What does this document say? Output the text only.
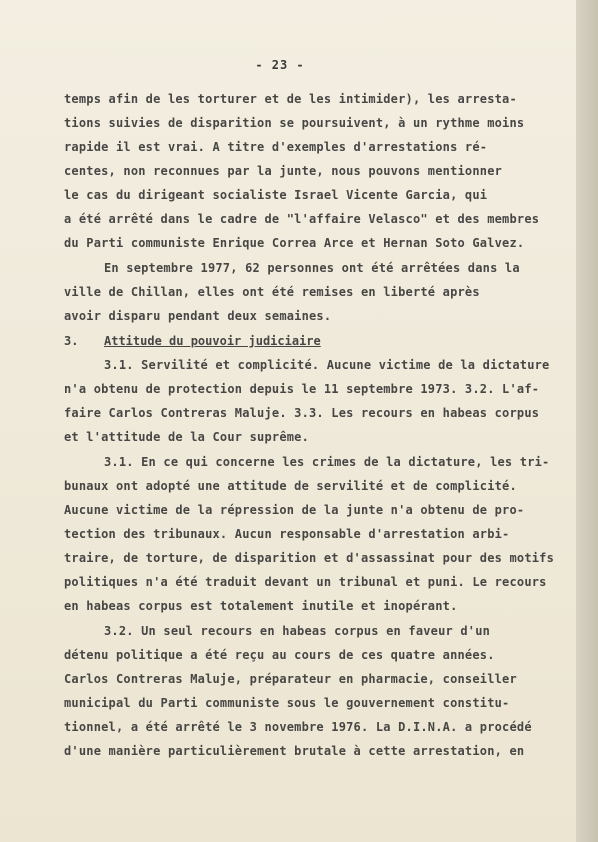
- 23 -
temps afin de les torturer et de les intimider), les arresta-
tions suivies de disparition se poursuivent, à un rythme moins
rapide il est vrai. A titre d'exemples d'arrestations ré-
centes, non reconnues par la junte, nous pouvons mentionner
le cas du dirigeant socialiste Israel Vicente Garcia, qui
a été arrêté dans le cadre de "l'affaire Velasco" et des membres
du Parti communiste Enrique Correa Arce et Hernan Soto Galvez.
En septembre 1977, 62 personnes ont été arrêtées dans la
ville de Chillan, elles ont été remises en liberté après
avoir disparu pendant deux semaines.
3. Attitude du pouvoir judiciaire
3.1. Servilité et complicité. Aucune victime de la dictature
n'a obtenu de protection depuis le 11 septembre 1973. 3.2. L'af-
faire Carlos Contreras Maluje. 3.3. Les recours en habeas corpus
et l'attitude de la Cour suprême.
3.1. En ce qui concerne les crimes de la dictature, les tri-
bunaux ont adopté une attitude de servilité et de complicité.
Aucune victime de la répression de la junte n'a obtenu de pro-
tection des tribunaux. Aucun responsable d'arrestation arbi-
traire, de torture, de disparition et d'assassinat pour des motifs
politiques n'a été traduit devant un tribunal et puni. Le recours
en habeas corpus est totalement inutile et inopérant.
3.2. Un seul recours en habeas corpus en faveur d'un
détenu politique a été reçu au cours de ces quatre années.
Carlos Contreras Maluje, préparateur en pharmacie, conseiller
municipal du Parti communiste sous le gouvernement constitu-
tionnel, a été arrêté le 3 novembre 1976. La D.I.N.A. a procédé
d'une manière particulièrement brutale à cette arrestation, en
